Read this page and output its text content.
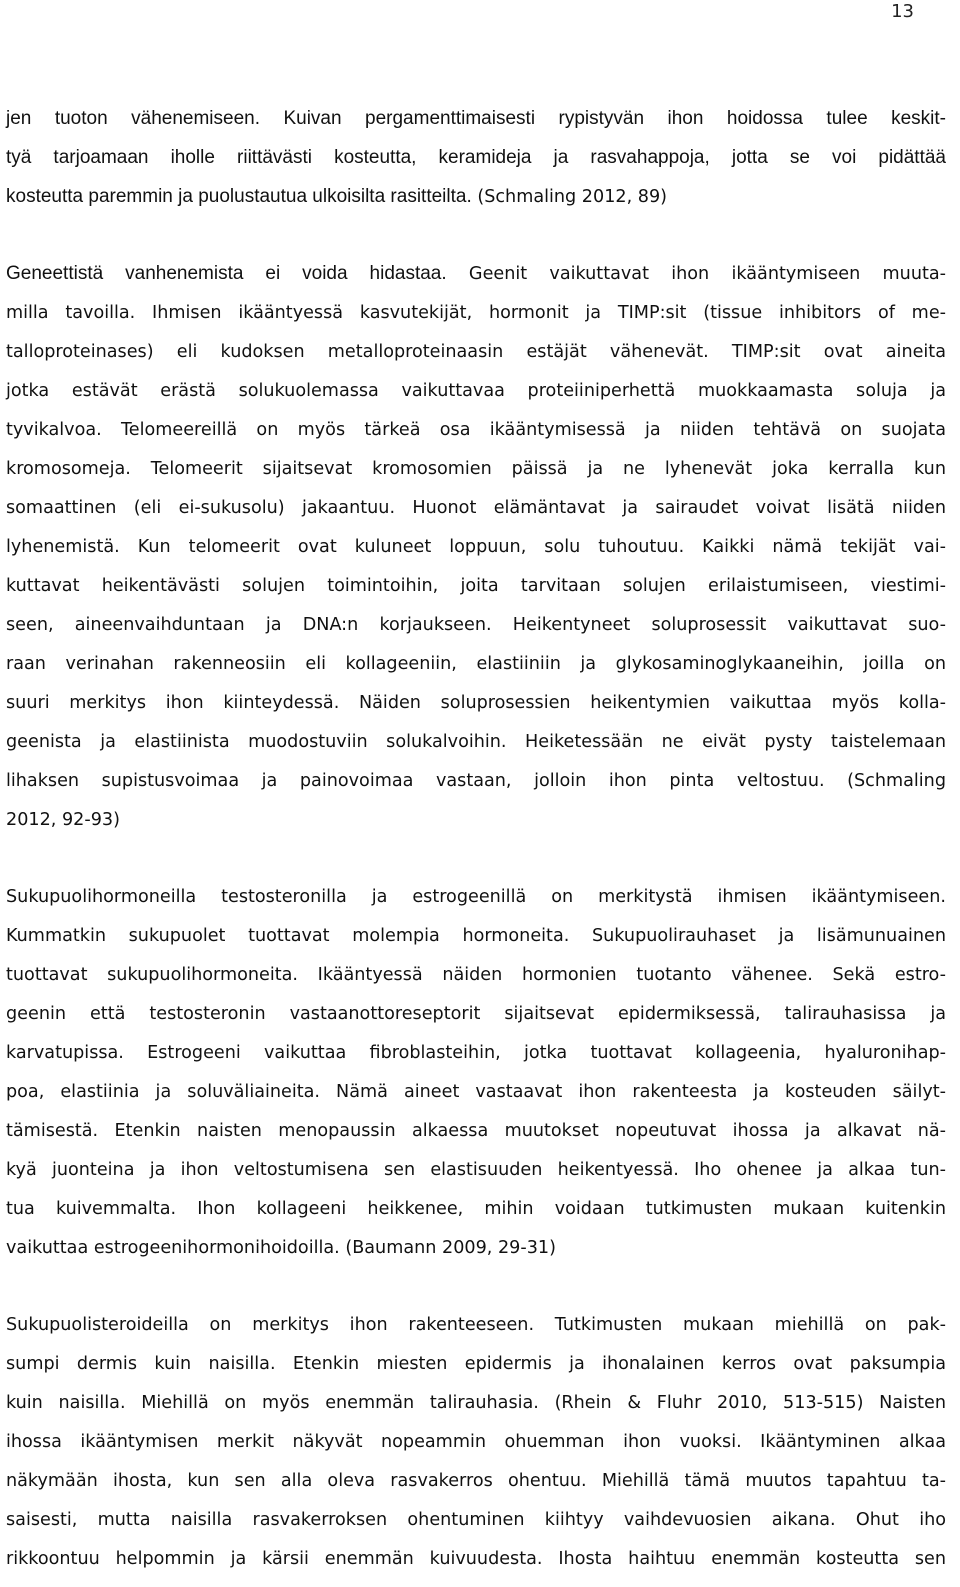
13
jen tuoton vähenemiseen. Kuivan pergamenttimaisesti rypistyvän ihon hoidossa tulee keskit-
tyä tarjoamaan iholle riittävästi kosteutta, keramideja ja rasvahappoja, jotta se voi pidättää
kosteutta paremmin ja puolustautua ulkoisilta rasitteilta. (Schmaling 2012, 89)
Geneettistä vanhenemista ei voida hidastaa. Geenit vaikuttavat ihon ikääntymiseen muuta-
milla tavoilla. Ihmisen ikääntyessä kasvutekijät, hormonit ja TIMP:sit (tissue inhibitors of me-
talloproteinases) eli kudoksen metalloproteinaasin estäjät vähenevät. TIMP:sit ovat aineita
jotka estävät erästä solukuolemassa vaikuttavaa proteiiniperhettä muokkaamasta soluja ja
tyvikalvoa. Telomeereillä on myös tärkeä osa ikääntymisessä ja niiden tehtävä on suojata
kromosomeja. Telomeerit sijaitsevat kromosomien päissä ja ne lyhenevät joka kerralla kun
somaattinen (eli ei-sukusolu) jakaantuu. Huonot elämäntavat ja sairaudet voivat lisätä niiden
lyhenemistä. Kun telomeerit ovat kuluneet loppuun, solu tuhoutuu. Kaikki nämä tekijät vai-
kuttavat heikentävästi solujen toimintoihin, joita tarvitaan solujen erilaistumiseen, viestimi-
seen, aineenvaihduntaan ja DNA:n korjaukseen. Heikentyneet soluprosessit vaikuttavat suo-
raan verinahan rakenneosiin eli kollageeniin, elastiiniin ja glykosaminoglykaaneihin, joilla on
suuri merkitys ihon kiinteydessä. Näiden soluprosessien heikentymien vaikuttaa myös kolla-
geenista ja elastiinista muodostuviin solukalvoihin. Heiketessään ne eivät pysty taistelemaan
lihaksen supistusvoimaa ja painovoimaa vastaan, jolloin ihon pinta veltostuu. (Schmaling
2012, 92-93)
Sukupuolihormoneilla testosteronilla ja estrogeenillä on merkitystä ihmisen ikääntymiseen.
Kummatkin sukupuolet tuottavat molempia hormoneita. Sukupuolirauhaset ja lisämunuainen
tuottavat sukupuolihormoneita. Ikääntyessä näiden hormonien tuotanto vähenee. Sekä estro-
geenin että testosteronin vastaanottoreseptorit sijaitsevat epidermiksessä, talirauhasissa ja
karvatupissa. Estrogeeni vaikuttaa fibroblasteihin, jotka tuottavat kollageenia, hyaluronihap-
poa, elastiinia ja soluväliaineita. Nämä aineet vastaavat ihon rakenteesta ja kosteuden säilyt-
tämisestä. Etenkin naisten menopaussin alkaessa muutokset nopeutuvat ihossa ja alkavat nä-
kyä juonteina ja ihon veltostumisena sen elastisuuden heikentyessä. Iho ohenee ja alkaa tun-
tua kuivemmalta. Ihon kollageeni heikkenee, mihin voidaan tutkimusten mukaan kuitenkin
vaikuttaa estrogeenihormonihoidoilla. (Baumann 2009, 29-31)
Sukupuolisteroideilla on merkitys ihon rakenteeseen. Tutkimusten mukaan miehillä on pak-
sumpi dermis kuin naisilla. Etenkin miesten epidermis ja ihonalainen kerros ovat paksumpia
kuin naisilla. Miehillä on myös enemmän talirauhasia. (Rhein & Fluhr 2010, 513-515) Naisten
ihossa ikääntymisen merkit näkyvät nopeammin ohuemman ihon vuoksi. Ikääntyminen alkaa
näkymään ihosta, kun sen alla oleva rasvakerros ohentuu. Miehillä tämä muutos tapahtuu ta-
saisesti, mutta naisilla rasvakerroksen ohentuminen kiihtyy vaihdevuosien aikana. Ohut iho
rikkoontuu helpommin ja kärsii enemmän kuivuudesta. Ihosta haihtuu enemmän kosteutta sen
